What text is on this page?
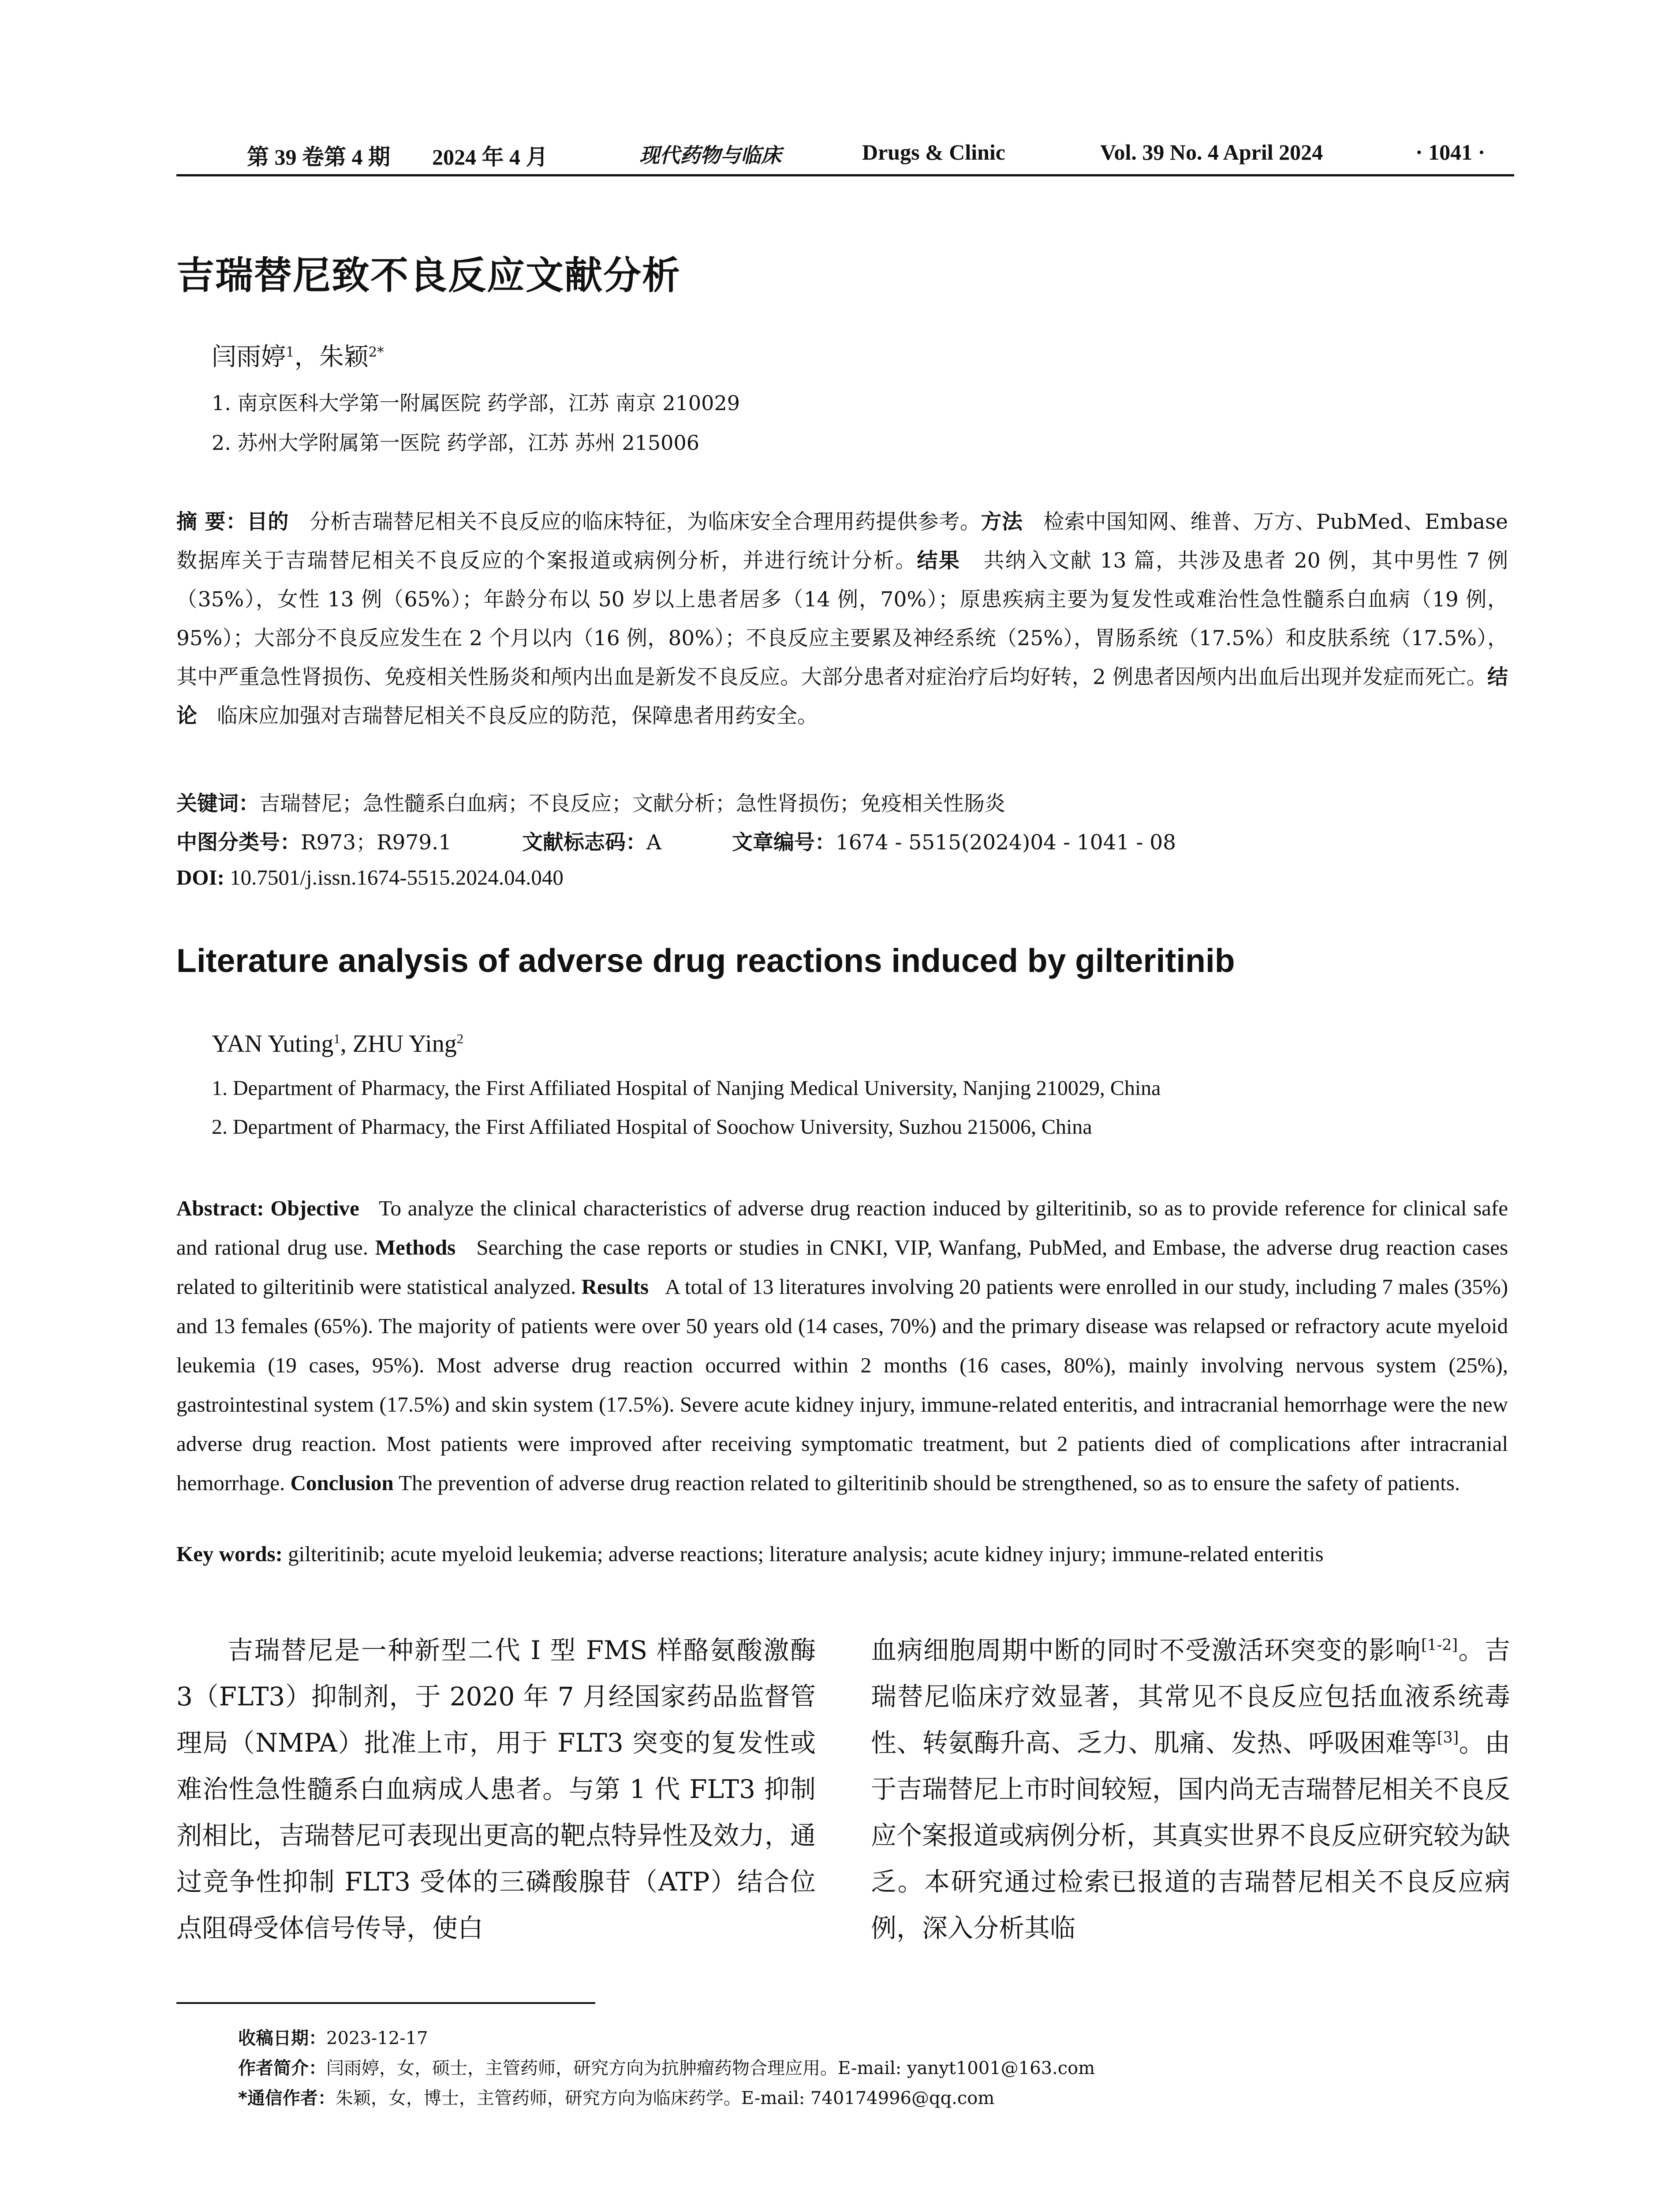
第 39 卷第 4 期 2024 年 4 月	现代药物与临床	Drugs & Clinic	Vol. 39 No. 4 April 2024	· 1041 ·
吉瑞替尼致不良反应文献分析
闫雨婷$^1$，朱颖$^{2*}$
1. 南京医科大学第一附属医院 药学部，江苏 南京 210029
2. 苏州大学附属第一医院 药学部，江苏 苏州 215006
摘 要：目的 分析吉瑞替尼相关不良反应的临床特征，为临床安全合理用药提供参考。方法 检索中国知网、维普、万方、PubMed、Embase 数据库关于吉瑞替尼相关不良反应的个案报道或病例分析，并进行统计分析。结果 共纳入文献 13 篇，共涉及患者 20 例，其中男性 7 例（35%），女性 13 例（65%）；年龄分布以 50 岁以上患者居多（14 例，70%）；原患疾病主要为复发性或难治性急性髓系白血病（19 例，95%）；大部分不良反应发生在 2 个月以内（16 例，80%）；不良反应主要累及神经系统（25%），胃肠系统（17.5%）和皮肤系统（17.5%），其中严重急性肾损伤、免疫相关性肠炎和颅内出血是新发不良反应。大部分患者对症治疗后均好转，2 例患者因颅内出血后出现并发症而死亡。结论 临床应加强对吉瑞替尼相关不良反应的防范，保障患者用药安全。
关键词：吉瑞替尼；急性髓系白血病；不良反应；文献分析；急性肾损伤；免疫相关性肠炎
中图分类号：R973；R979.1	文献标志码：A	文章编号：1674 - 5515(2024)04 - 1041 - 08
DOI: 10.7501/j.issn.1674-5515.2024.04.040
Literature analysis of adverse drug reactions induced by gilteritinib
YAN Yuting$^1$, ZHU Ying$^2$
1. Department of Pharmacy, the First Affiliated Hospital of Nanjing Medical University, Nanjing 210029, China
2. Department of Pharmacy, the First Affiliated Hospital of Soochow University, Suzhou 215006, China
Abstract: Objective To analyze the clinical characteristics of adverse drug reaction induced by gilteritinib, so as to provide reference for clinical safe and rational drug use. Methods Searching the case reports or studies in CNKI, VIP, Wanfang, PubMed, and Embase, the adverse drug reaction cases related to gilteritinib were statistical analyzed. Results A total of 13 literatures involving 20 patients were enrolled in our study, including 7 males (35%) and 13 females (65%). The majority of patients were over 50 years old (14 cases, 70%) and the primary disease was relapsed or refractory acute myeloid leukemia (19 cases, 95%). Most adverse drug reaction occurred within 2 months (16 cases, 80%), mainly involving nervous system (25%), gastrointestinal system (17.5%) and skin system (17.5%). Severe acute kidney injury, immune-related enteritis, and intracranial hemorrhage were the new adverse drug reaction. Most patients were improved after receiving symptomatic treatment, but 2 patients died of complications after intracranial hemorrhage. Conclusion The prevention of adverse drug reaction related to gilteritinib should be strengthened, so as to ensure the safety of patients.
Key words: gilteritinib; acute myeloid leukemia; adverse reactions; literature analysis; acute kidney injury; immune-related enteritis
吉瑞替尼是一种新型二代 I 型 FMS 样酪氨酸激酶 3（FLT3）抑制剂，于 2020 年 7 月经国家药品监督管理局（NMPA）批准上市，用于 FLT3 突变的复发性或难治性急性髓系白血病成人患者。与第 1 代 FLT3 抑制剂相比，吉瑞替尼可表现出更高的靶点特异性及效力，通过竞争性抑制 FLT3 受体的三磷酸腺苷（ATP）结合位点阻碍受体信号传导，使白
血病细胞周期中断的同时不受激活环突变的影响[1-2]。吉瑞替尼临床疗效显著，其常见不良反应包括血液系统毒性、转氨酶升高、乏力、肌痛、发热、呼吸困难等[3]。由于吉瑞替尼上市时间较短，国内尚无吉瑞替尼相关不良反应个案报道或病例分析，其真实世界不良反应研究较为缺乏。本研究通过检索已报道的吉瑞替尼相关不良反应病例，深入分析其临
收稿日期：2023-12-17
作者简介：闫雨婷，女，硕士，主管药师，研究方向为抗肿瘤药物合理应用。E-mail: yanyt1001@163.com
*通信作者：朱颖，女，博士，主管药师，研究方向为临床药学。E-mail: 740174996@qq.com
